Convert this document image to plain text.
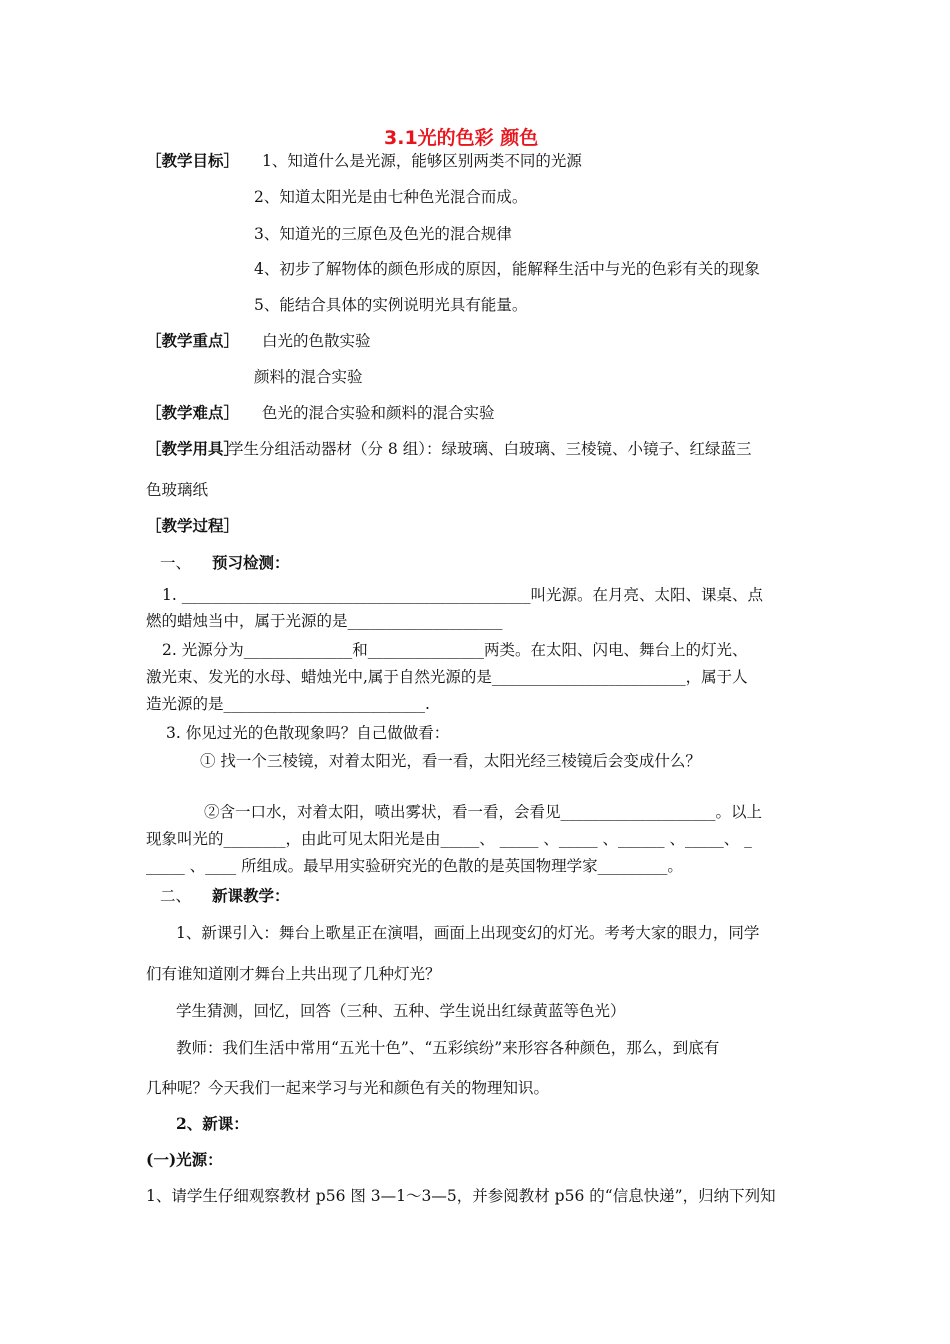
3.1光的色彩 颜色
［教学目标］ 1、知道什么是光源，能够区别两类不同的光源
2、知道太阳光是由七种色光混合而成。
3、知道光的三原色及色光的混合规律
4、初步了解物体的颜色形成的原因，能解释生活中与光的色彩有关的现象
5、能结合具体的实例说明光具有能量。
［教学重点］ 白光的色散实验
颜料的混合实验
［教学难点］ 色光的混合实验和颜料的混合实验
［教学用具］
学生分组活动器材（分 8 组）：绿玻璃、白玻璃、三棱镜、小镜子、红绿蓝三
色玻璃纸
［教学过程］
一、 预习检测：
1. _____________________________________________叫光源。在月亮、太阳、课桌、点
燃的蜡烛当中，属于光源的是____________________
2. 光源分为______________和_______________两类。在太阳、闪电、舞台上的灯光、
激光束、发光的水母、蜡烛光中,属于自然光源的是_________________________，属于人
造光源的是__________________________.
3. 你见过光的色散现象吗？自己做做看：
① 找一个三棱镜，对着太阳光，看一看，太阳光经三棱镜后会变成什么？
②含一口水，对着太阳，喷出雾状，看一看，会看见____________________。以上
现象叫光的________，由此可见太阳光是由_____、 _____ 、_____ 、______ 、_____、 _
_____ 、____ 所组成。最早用实验研究光的色散的是英国物理学家_________。
二、 新课教学：
1、新课引入：舞台上歌星正在演唱，画面上出现变幻的灯光。考考大家的眼力，同学
们有谁知道刚才舞台上共出现了几种灯光？
学生猜测，回忆，回答（三种、五种、学生说出红绿黄蓝等色光）
教师：我们生活中常用“五光十色”、“五彩缤纷”来形容各种颜色，那么，到底有
几种呢？今天我们一起来学习与光和颜色有关的物理知识。
2、新课：
(一)光源：
1、请学生仔细观察教材 p56 图 3—1～3—5，并参阅教材 p56 的“信息快递”，归纳下列知
